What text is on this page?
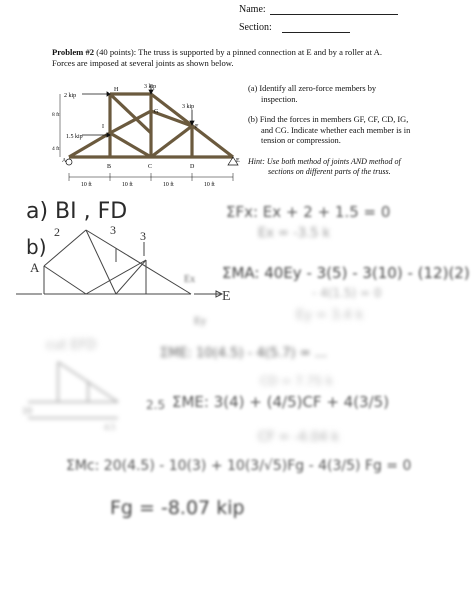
Name:
Section:
Problem #2 (40 points): The truss is supported by a pinned connection at E and by a roller at A.
Forces are imposed at several joints as shown below.
2 kip
3 kip
3 kip
1.5 kip
8 ft
4 ft
A
B	C	D
E
F
G
H
I
10 ft	10 ft	10 ft	10 ft
(a) Identify all zero-force members by
inspection.
(b) Find the forces in members GF, CF, CD, IG,
and CG. Indicate whether each member is in
tension or compression.
Hint: Use both method of joints AND method of
sections on different parts of the truss.
a) BI , FD
b)
2	3 3
A
Ex
E
Ey
ΣFx: Ex + 2 + 1.5 = 0
Ex = -3.5 k
ΣMA: 40Ey - 3(5) - 3(10) - (12)(2)
- 4(1.5) = 0
Ey = 3.4 k
cut EFD
10
4.5
ΣME: 10(4.5) - 4(5.7) = ...
CD = 7.75 k
2.5 ΣME: 3(4) + (4/5)CF + 4(3/5)
CF = -4.04 k
ΣMc: 20(4.5) - 10(3) + 10(3/√5)Fg - 4(3/5) Fg = 0
Fg = -8.07 kip
